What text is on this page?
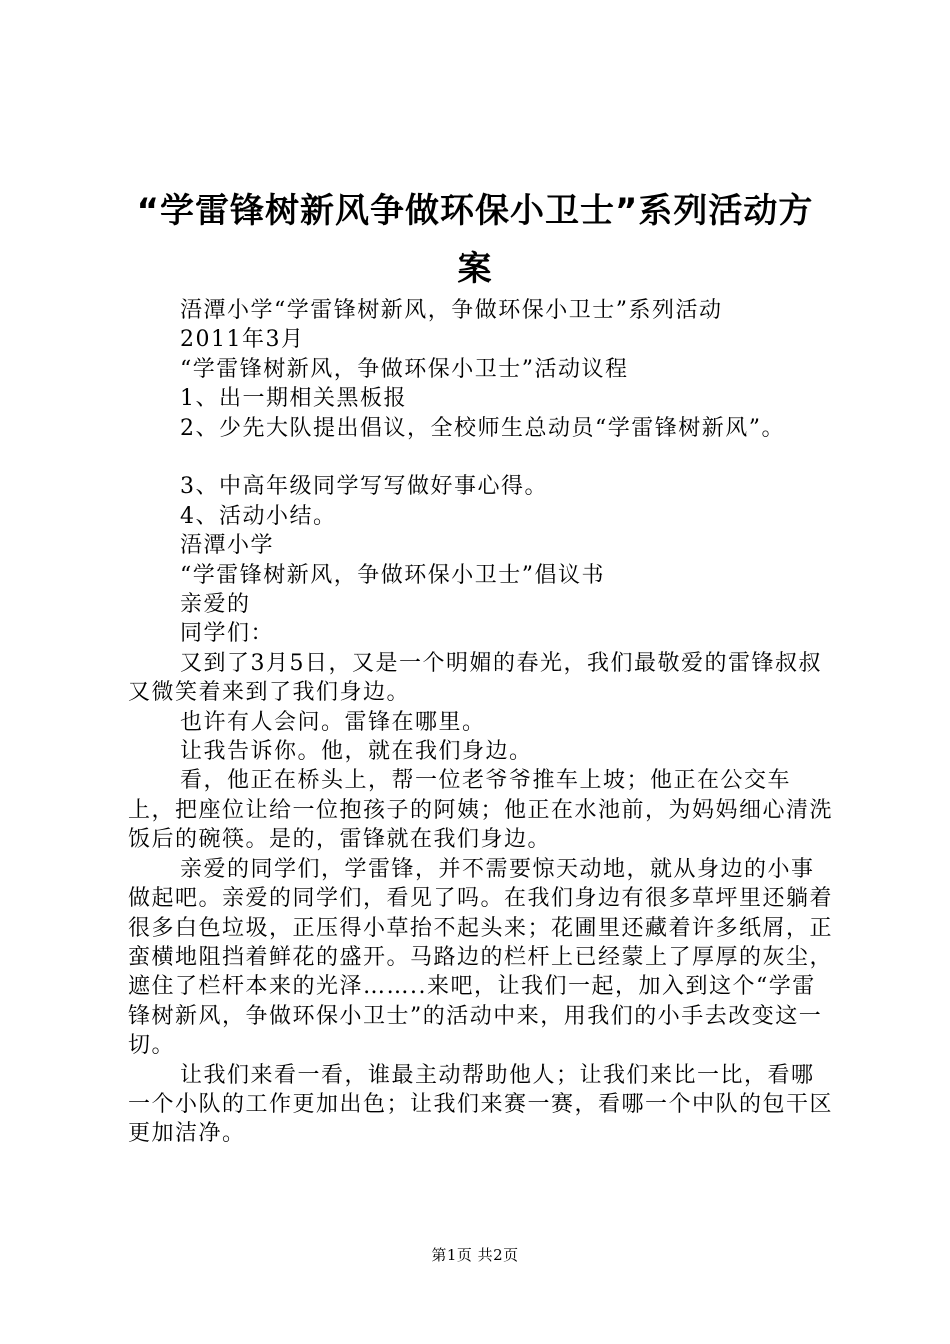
“学雷锋树新风争做环保小卫士”系列活动方案

浯潭小学“学雷锋树新风，争做环保小卫士”系列活动

2011年3月

“学雷锋树新风，争做环保小卫士”活动议程

1、出一期相关黑板报

2、少先大队提出倡议，全校师生总动员“学雷锋树新风”。

3、中高年级同学写写做好事心得。

4、活动小结。

浯潭小学

“学雷锋树新风，争做环保小卫士”倡议书

亲爱的

同学们：

又到了3月5日，又是一个明媚的春光，我们最敬爱的雷锋叔叔又微笑着来到了我们身边。

也许有人会问。雷锋在哪里。

让我告诉你。他，就在我们身边。

看，他正在桥头上，帮一位老爷爷推车上坡；他正在公交车上，把座位让给一位抱孩子的阿姨；他正在水池前，为妈妈细心清洗饭后的碗筷。是的，雷锋就在我们身边。

亲爱的同学们，学雷锋，并不需要惊天动地，就从身边的小事做起吧。亲爱的同学们，看见了吗。在我们身边有很多草坪里还躺着很多白色垃圾，正压得小草抬不起头来；花圃里还藏着许多纸屑，正蛮横地阻挡着鲜花的盛开。马路边的栏杆上已经蒙上了厚厚的灰尘，遮住了栏杆本来的光泽……..来吧，让我们一起，加入到这个“学雷锋树新风，争做环保小卫士”的活动中来，用我们的小手去改变这一切。

让我们来看一看，谁最主动帮助他人；让我们来比一比，看哪一个小队的工作更加出色；让我们来赛一赛，看哪一个中队的包干区更加洁净。

第1页 共2页
